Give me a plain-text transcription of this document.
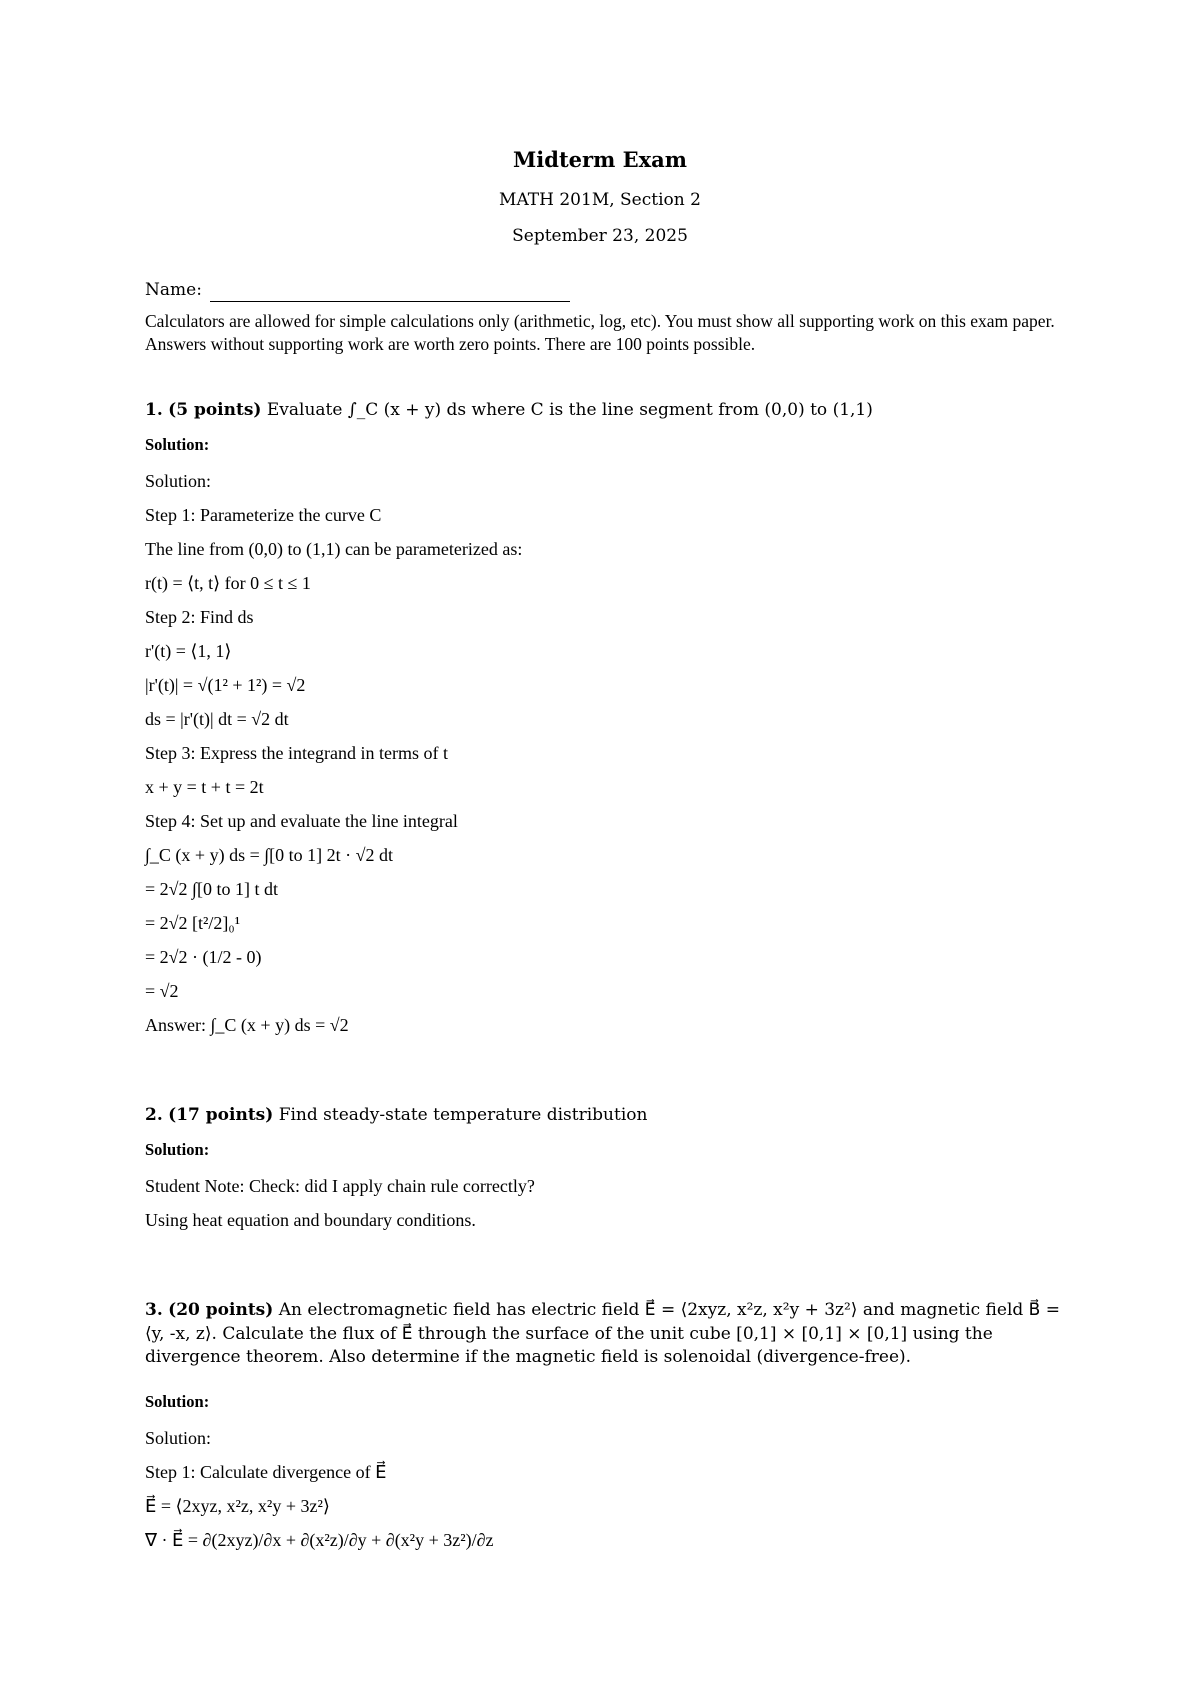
Midterm Exam
MATH 201M, Section 2
September 23, 2025
Name:
Calculators are allowed for simple calculations only (arithmetic, log, etc). You must show all supporting work on this exam paper. Answers without supporting work are worth zero points. There are 100 points possible.
1. (5 points) Evaluate ∫_C (x + y) ds where C is the line segment from (0,0) to (1,1)
Solution:
Solution:
Step 1: Parameterize the curve C
The line from (0,0) to (1,1) can be parameterized as:
r(t) = ⟨t, t⟩ for 0 ≤ t ≤ 1
Step 2: Find ds
r'(t) = ⟨1, 1⟩
|r'(t)| = √(1² + 1²) = √2
ds = |r'(t)| dt = √2 dt
Step 3: Express the integrand in terms of t
x + y = t + t = 2t
Step 4: Set up and evaluate the line integral
∫_C (x + y) ds = ∫[0 to 1] 2t · √2 dt
= 2√2 ∫[0 to 1] t dt
= 2√2 [t²/2]₀¹
= 2√2 · (1/2 - 0)
= √2
Answer: ∫_C (x + y) ds = √2
2. (17 points) Find steady-state temperature distribution
Solution:
Student Note: Check: did I apply chain rule correctly?
Using heat equation and boundary conditions.
3. (20 points) An electromagnetic field has electric field E⃗ = ⟨2xyz, x²z, x²y + 3z²⟩ and magnetic field B⃗ = ⟨y, -x, z⟩. Calculate the flux of E⃗ through the surface of the unit cube [0,1] × [0,1] × [0,1] using the divergence theorem. Also determine if the magnetic field is solenoidal (divergence-free).
Solution:
Solution:
Step 1: Calculate divergence of E⃗
E⃗ = ⟨2xyz, x²z, x²y + 3z²⟩
∇ · E⃗ = ∂(2xyz)/∂x + ∂(x²z)/∂y + ∂(x²y + 3z²)/∂z
